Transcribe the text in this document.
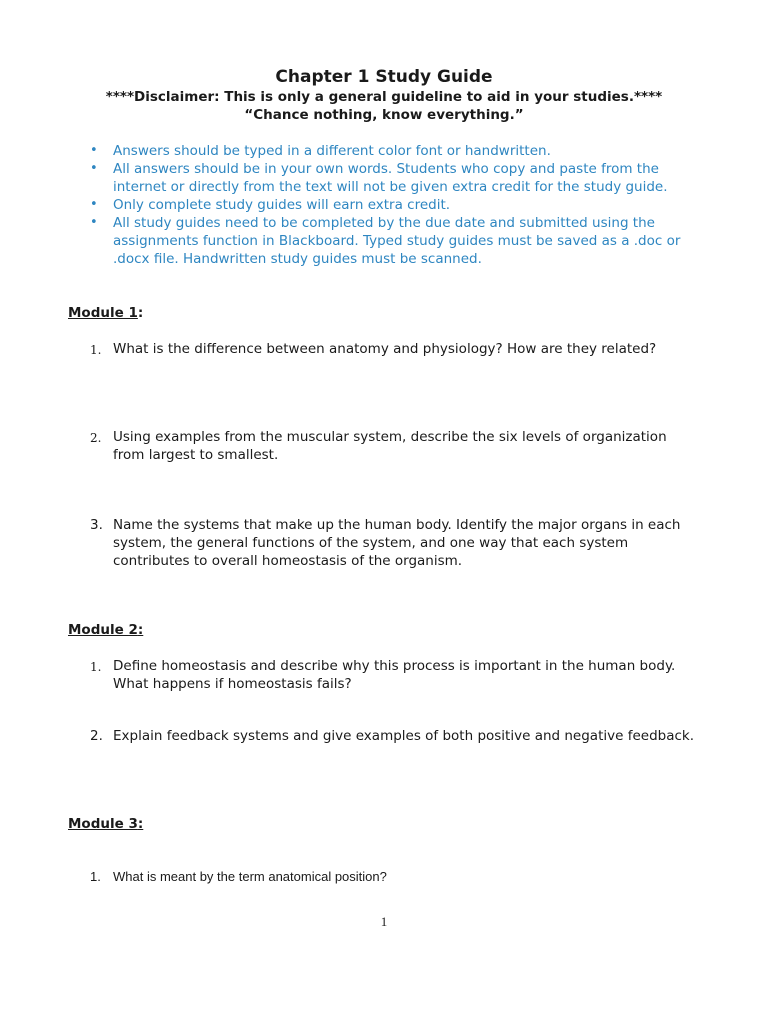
Chapter 1 Study Guide
****Disclaimer: This is only a general guideline to aid in your studies.****
“Chance nothing, know everything.”
• Answers should be typed in a different color font or handwritten.
• All answers should be in your own words. Students who copy and paste from the internet or directly from the text will not be given extra credit for the study guide.
• Only complete study guides will earn extra credit.
• All study guides need to be completed by the due date and submitted using the assignments function in Blackboard. Typed study guides must be saved as a .doc or .docx file. Handwritten study guides must be scanned.
Module 1:
1. What is the difference between anatomy and physiology? How are they related?
2. Using examples from the muscular system, describe the six levels of organization from largest to smallest.
3. Name the systems that make up the human body. Identify the major organs in each system, the general functions of the system, and one way that each system contributes to overall homeostasis of the organism.
Module 2:
1. Define homeostasis and describe why this process is important in the human body. What happens if homeostasis fails?
2. Explain feedback systems and give examples of both positive and negative feedback.
Module 3:
1. What is meant by the term anatomical position?
1
